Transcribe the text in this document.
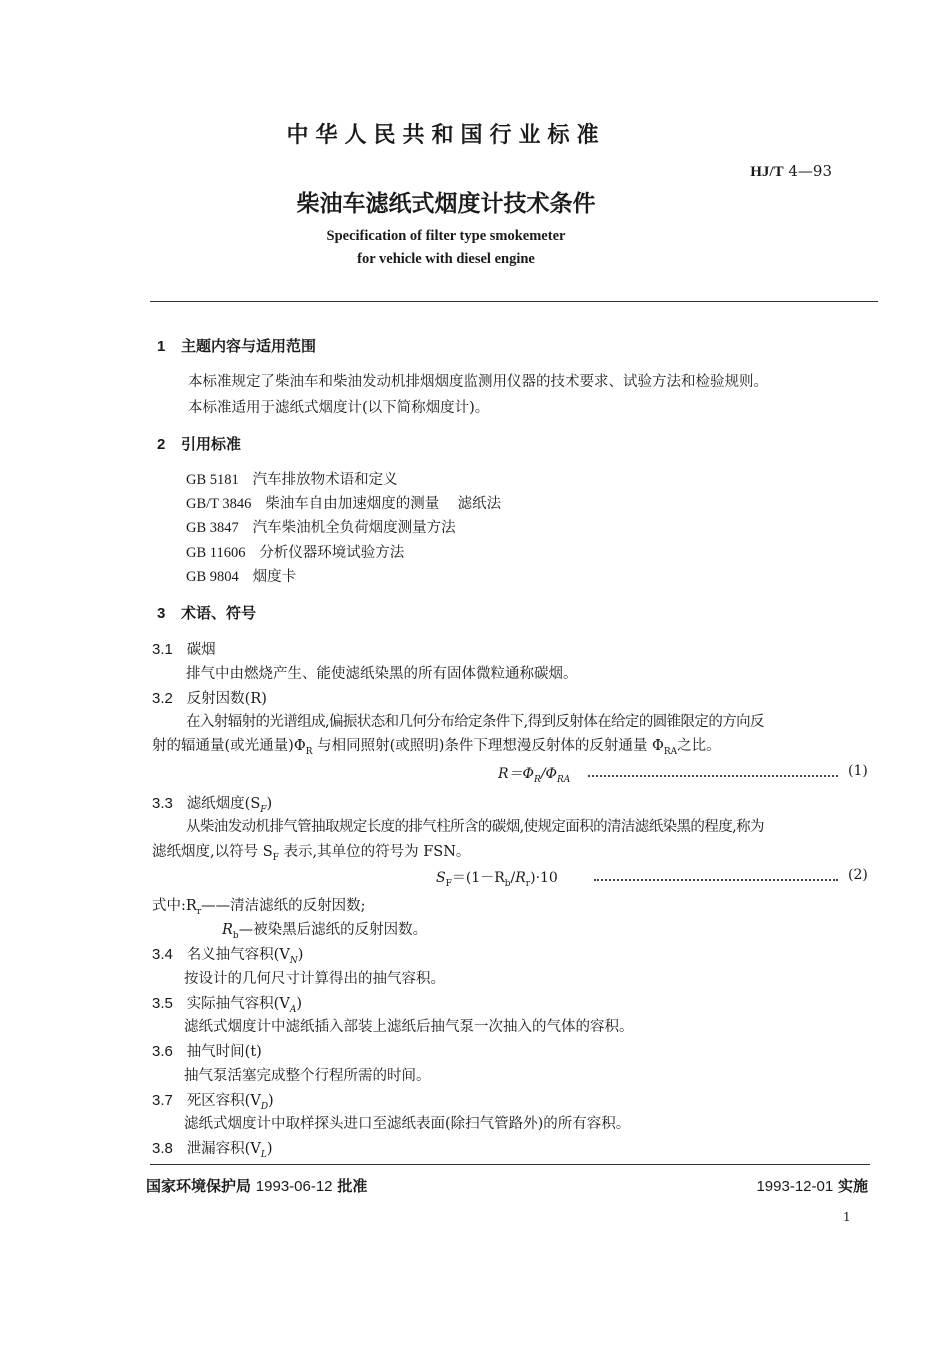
中华人民共和国行业标准
HJ/T 4—93
柴油车滤纸式烟度计技术条件
Specification of filter type smokemeter
for vehicle with diesel engine
1 主题内容与适用范围
本标准规定了柴油车和柴油发动机排烟烟度监测用仪器的技术要求、试验方法和检验规则。
本标准适用于滤纸式烟度计(以下简称烟度计)。
2 引用标准
GB 5181 汽车排放物术语和定义
GB/T 3846 柴油车自由加速烟度的测量    滤纸法
GB 3847 汽车柴油机全负荷烟度测量方法
GB 11606 分析仪器环境试验方法
GB 9804 烟度卡
3 术语、符号
3.1 碳烟
排气中由燃烧产生、能使滤纸染黑的所有固体微粒通称碳烟。
3.2 反射因数(R)
在入射辐射的光谱组成,偏振状态和几何分布给定条件下,得到反射体在给定的圆锥限定的方向反
射的辐通量(或光通量)$\Phi_R$ 与相同照射(或照明)条件下理想漫反射体的反射通量 $\Phi_{RA}$之比。
$R=\Phi_R/\Phi_{RA}$
(1)
3.3 滤纸烟度$(S_F)$
从柴油发动机排气管抽取规定长度的排气柱所含的碳烟,使规定面积的清洁滤纸染黑的程度,称为
滤纸烟度,以符号 $S_F$ 表示,其单位的符号为 FSN。
$S_F=(1-R_b/R_r)\cdot 10$	(2)
式中$:R_r——$清洁滤纸的反射因数;
$R_b—$被染黑后滤纸的反射因数。
3.4 名义抽气容积$(V_N)$
按设计的几何尺寸计算得出的抽气容积。
3.5 实际抽气容积$(V_A)$
滤纸式烟度计中滤纸插入部装上滤纸后抽气泵一次抽入的气体的容积。
3.6 抽气时间(t)
抽气泵活塞完成整个行程所需的时间。
3.7 死区容积$(V_D)$
滤纸式烟度计中取样探头进口至滤纸表面(除扫气管路外)的所有容积。
3.8 泄漏容积$(V_L)$
国家环境保护局 1993-06-12 批准	1993-12-01 实施
1
